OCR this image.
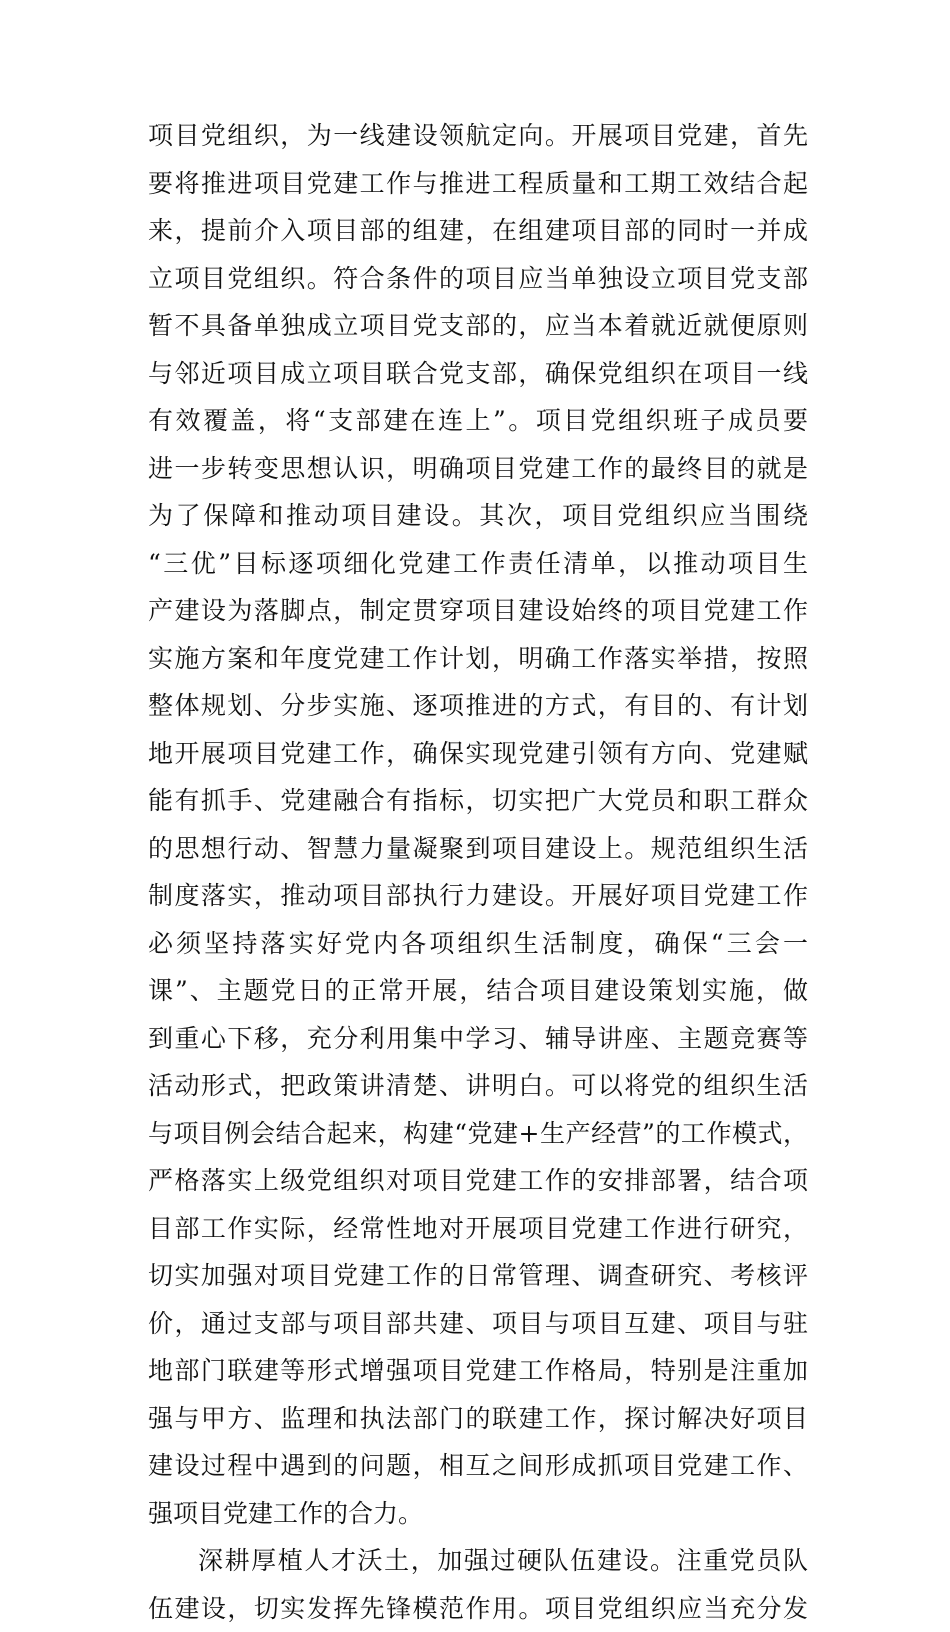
项目党组织，为一线建设领航定向。开展项目党建，首先
要将推进项目党建工作与推进工程质量和工期工效结合起
来，提前介入项目部的组建，在组建项目部的同时一并成
立项目党组织。符合条件的项目应当单独设立项目党支部
暂不具备单独成立项目党支部的，应当本着就近就便原则
与邻近项目成立项目联合党支部，确保党组织在项目一线
有效覆盖，将“支部建在连上”。项目党组织班子成员要
进一步转变思想认识，明确项目党建工作的最终目的就是
为了保障和推动项目建设。其次，项目党组织应当围绕
“三优”目标逐项细化党建工作责任清单，以推动项目生
产建设为落脚点，制定贯穿项目建设始终的项目党建工作
实施方案和年度党建工作计划，明确工作落实举措，按照
整体规划、分步实施、逐项推进的方式，有目的、有计划
地开展项目党建工作，确保实现党建引领有方向、党建赋
能有抓手、党建融合有指标，切实把广大党员和职工群众
的思想行动、智慧力量凝聚到项目建设上。规范组织生活
制度落实，推动项目部执行力建设。开展好项目党建工作
必须坚持落实好党内各项组织生活制度，确保“三会一
课”、主题党日的正常开展，结合项目建设策划实施，做
到重心下移，充分利用集中学习、辅导讲座、主题竞赛等
活动形式，把政策讲清楚、讲明白。可以将党的组织生活
与项目例会结合起来，构建“党建+生产经营”的工作模式，
严格落实上级党组织对项目党建工作的安排部署，结合项
目部工作实际，经常性地对开展项目党建工作进行研究，
切实加强对项目党建工作的日常管理、调查研究、考核评
价，通过支部与项目部共建、项目与项目互建、项目与驻
地部门联建等形式增强项目党建工作格局，特别是注重加
强与甲方、监理和执法部门的联建工作，探讨解决好项目
建设过程中遇到的问题，相互之间形成抓项目党建工作、
强项目党建工作的合力。
深耕厚植人才沃土，加强过硬队伍建设。注重党员队
伍建设，切实发挥先锋模范作用。项目党组织应当充分发
